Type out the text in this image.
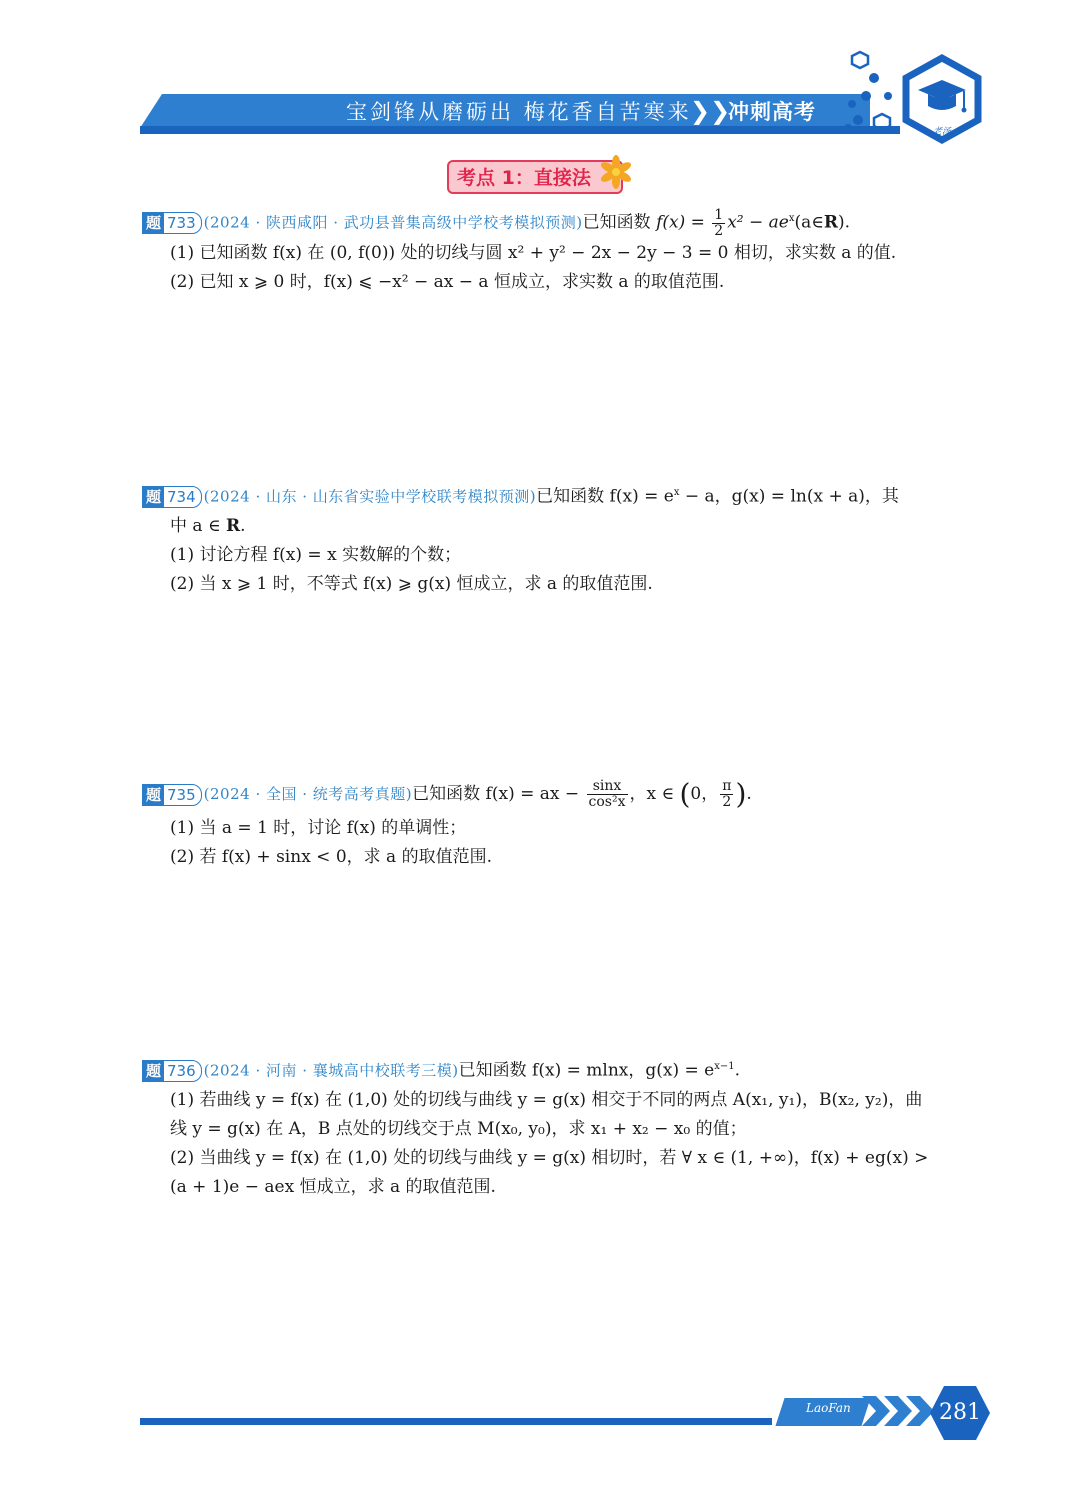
宝剑锋从磨砺出 梅花香自苦寒来
❯❯
冲刺高考
老汤
考点 1：直接法
题 733 (2024 · 陕西咸阳 · 武功县普集高级中学校考模拟预测)已知函数 $f(x) = \frac{1}{2} x^2$ − $ae^x(a\in R)$.
(1) 已知函数 f(x) 在 (0, f(0)) 处的切线与圆 x² + y² − 2x − 2y − 3 = 0 相切，求实数 a 的值.
(2) 已知 x ⩾ 0 时，f(x) ⩽ −x² − ax − a 恒成立，求实数 a 的取值范围.
题 734 (2024 · 山东 · 山东省实验中学校联考模拟预测)已知函数 $f(x) = e^x - a$，g(x) = ln(x + a)，其
中 a ∈ R.
(1) 讨论方程 f(x) = x 实数解的个数；
(2) 当 x ⩾ 1 时，不等式 f(x) ⩾ g(x) 恒成立，求 a 的取值范围.
题 735 (2024 · 全国 · 统考高考真题)已知函数 f(x) = ax − $\frac{\sin x}{\text{cos²x}}$ ，x ∈ (0， $\frac{\pi}{2}$ ).
(1) 当 a = 1 时，讨论 f(x) 的单调性；
(2) 若 f(x) + sinx < 0，求 a 的取值范围.
题 736 (2024 · 河南 · 襄城高中校联考三模)已知函数 f(x) = mlnx，$g(x) = e^{x-1}$.
(1) 若曲线 y = f(x) 在 (1,0) 处的切线与曲线 y = g(x) 相交于不同的两点 A(x₁, y₁)，B(x₂, y₂)，曲
线 y = g(x) 在 A，B 点处的切线交于点 M(x₀, y₀)，求 x₁ + x₂ − x₀ 的值；
(2) 当曲线 y = f(x) 在 (1,0) 处的切线与曲线 y = g(x) 相切时，若 ∀ x ∈ (1, +∞)，f(x) + eg(x) >
(a + 1)e − aex 恒成立，求 a 的取值范围.
LaoFan	281
